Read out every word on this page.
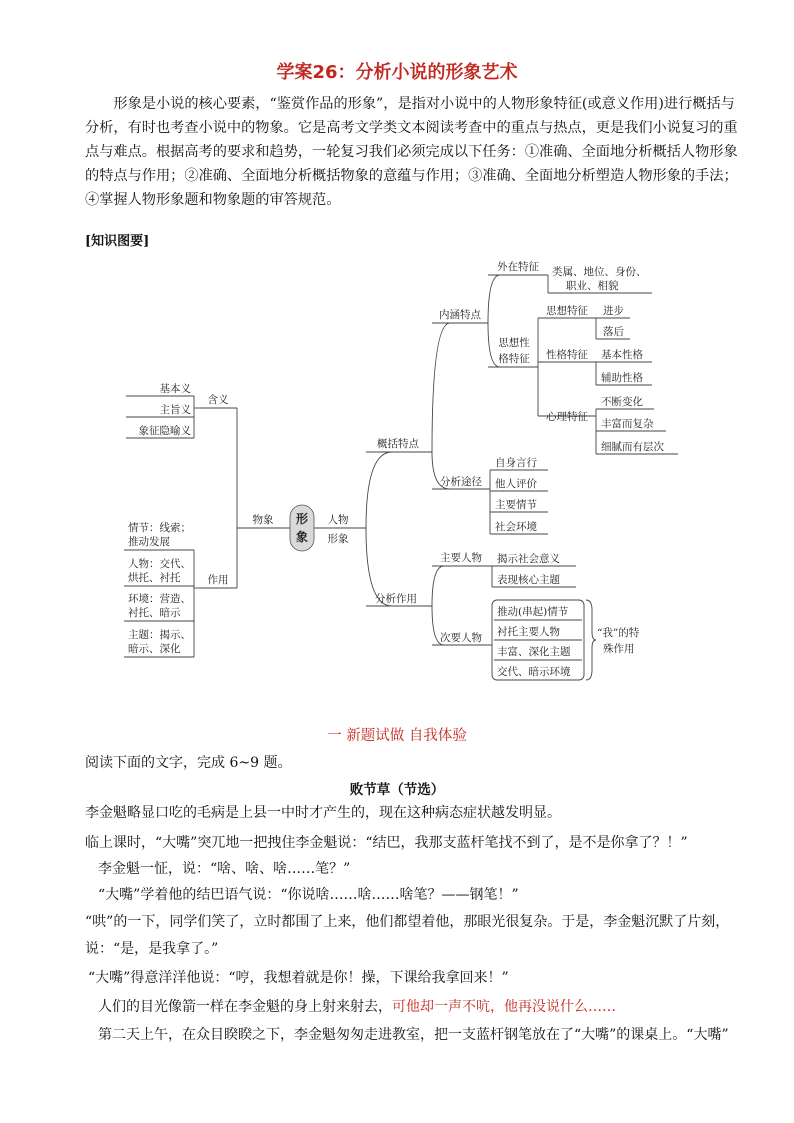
学案26：分析小说的形象艺术

形象是小说的核心要素，“鉴赏作品的形象”，是指对小说中的人物形象特征(或意义作用)进行概括与分析，有时也考查小说中的物象。它是高考文学类文本阅读考查中的重点与热点，更是我们小说复习的重点与难点。根据高考的要求和趋势，一轮复习我们必须完成以下任务：①准确、全面地分析概括人物形象的特点与作用；②准确、全面地分析概括物象的意蕴与作用；③准确、全面地分析塑造人物形象的手法；④掌握人物形象题和物象题的审答规范。

[知识图要]
形
象
物象
含义
基本义
主旨义
象征隐喻义
作用
情节：线索；
推动发展
人物：交代、
烘托、衬托
环境：营造、
衬托、暗示
主题：揭示、
暗示、深化
人物
形象
概括特点
内涵特点
外在特征 类属、地位、身份、
职业、相貌
思想性
格特征
思想特征
性格特征
心理特征
进步
落后
基本性格
辅助性格
不断变化
丰富而复杂
细腻而有层次
分析途径
自身言行
他人评价
主要情节
社会环境
分析作用
主要人物 揭示社会意义
表现核心主题
次要人物
推动(串起)情节
衬托主要人物
丰富、深化主题
交代、暗示环境
“我”的特
殊作用
一 新题试做 自我体验
阅读下面的文字，完成 6~9 题。
败节草（节选）
李金魁略显口吃的毛病是上县一中时才产生的，现在这种病态症状越发明显。
临上课时，“大嘴”突兀地一把拽住李金魁说：“结巴，我那支蓝杆笔找不到了，是不是你拿了？！”
李金魁一怔，说：“啥、啥、啥……笔？”
“大嘴”学着他的结巴语气说：“你说啥……啥……啥笔？——钢笔！”
“哄”的一下，同学们笑了，立时都围了上来，他们都望着他，那眼光很复杂。于是，李金魁沉默了片刻，
说：“是，是我拿了。”
“大嘴”得意洋洋他说：“哼，我想着就是你！操，下课给我拿回来！”
人们的目光像箭一样在李金魁的身上射来射去，可他却一声不吭，他再没说什么……
第二天上午，在众目睽睽之下，李金魁匆匆走进教室，把一支蓝杆钢笔放在了“大嘴”的课桌上。“大嘴”
